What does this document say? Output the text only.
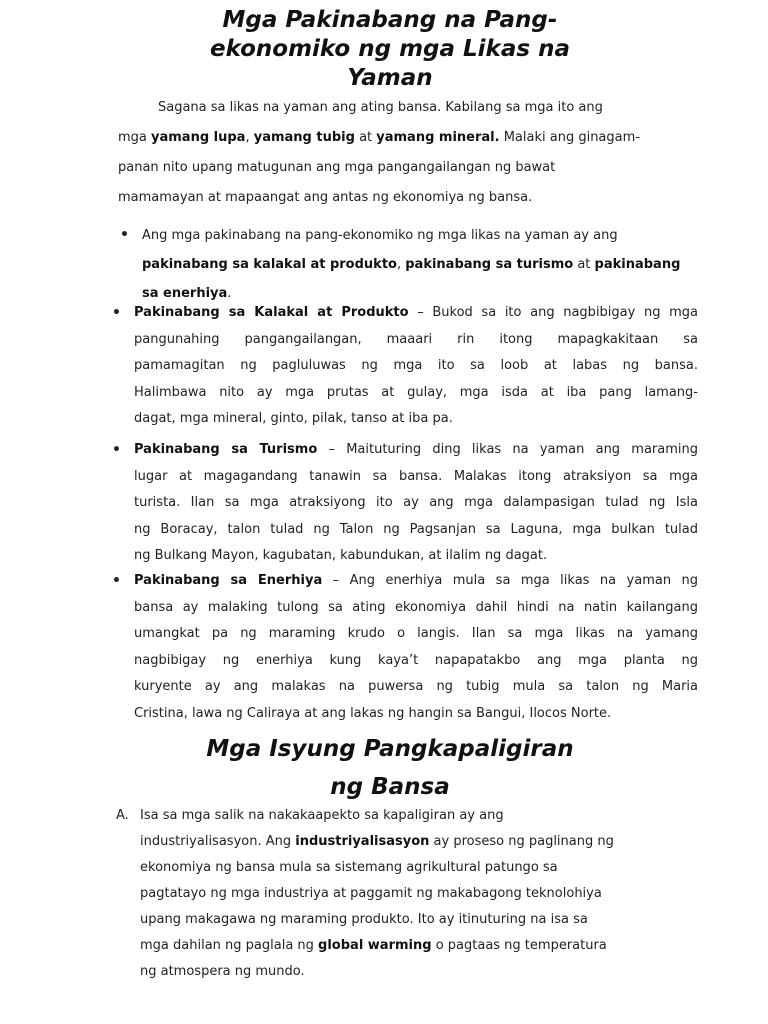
Mga Pakinabang na Pang-
ekonomiko ng mga Likas na
Yaman
Sagana sa likas na yaman ang ating bansa. Kabilang sa mga ito ang
mga yamang lupa, yamang tubig at yamang mineral. Malaki ang ginagam-
panan nito upang matugunan ang mga pangangailangan ng bawat
mamamayan at mapaangat ang antas ng ekonomiya ng bansa.
• Ang mga pakinabang na pang-ekonomiko ng mga likas na yaman ay ang
pakinabang sa kalakal at produkto, pakinabang sa turismo at pakinabang
sa enerhiya.
• Pakinabang sa Kalakal at Produkto – Bukod sa ito ang nagbibigay ng mga
pangunahing pangangailangan, maaari rin itong mapagkakitaan sa
pamamagitan ng pagluluwas ng mga ito sa loob at labas ng bansa.
Halimbawa nito ay mga prutas at gulay, mga isda at iba pang lamang-
dagat, mga mineral, ginto, pilak, tanso at iba pa.
• Pakinabang sa Turismo – Maituturing ding likas na yaman ang maraming
lugar at magagandang tanawin sa bansa. Malakas itong atraksiyon sa mga
turista. Ilan sa mga atraksiyong ito ay ang mga dalampasigan tulad ng Isla
ng Boracay, talon tulad ng Talon ng Pagsanjan sa Laguna, mga bulkan tulad
ng Bulkang Mayon, kagubatan, kabundukan, at ilalim ng dagat.
• Pakinabang sa Enerhiya – Ang enerhiya mula sa mga likas na yaman ng
bansa ay malaking tulong sa ating ekonomiya dahil hindi na natin kailangang
umangkat pa ng maraming krudo o langis. Ilan sa mga likas na yamang
nagbibigay ng enerhiya kung kaya’t napapatakbo ang mga planta ng
kuryente ay ang malakas na puwersa ng tubig mula sa talon ng Maria
Cristina, lawa ng Caliraya at ang lakas ng hangin sa Bangui, Ilocos Norte.
Mga Isyung Pangkapaligiran
ng Bansa
A. Isa sa mga salik na nakakaapekto sa kapaligiran ay ang
industriyalisasyon. Ang industriyalisasyon ay proseso ng paglinang ng
ekonomiya ng bansa mula sa sistemang agrikultural patungo sa
pagtatayo ng mga industriya at paggamit ng makabagong teknolohiya
upang makagawa ng maraming produkto. Ito ay itinuturing na isa sa
mga dahilan ng paglala ng global warming o pagtaas ng temperatura
ng atmospera ng mundo.
